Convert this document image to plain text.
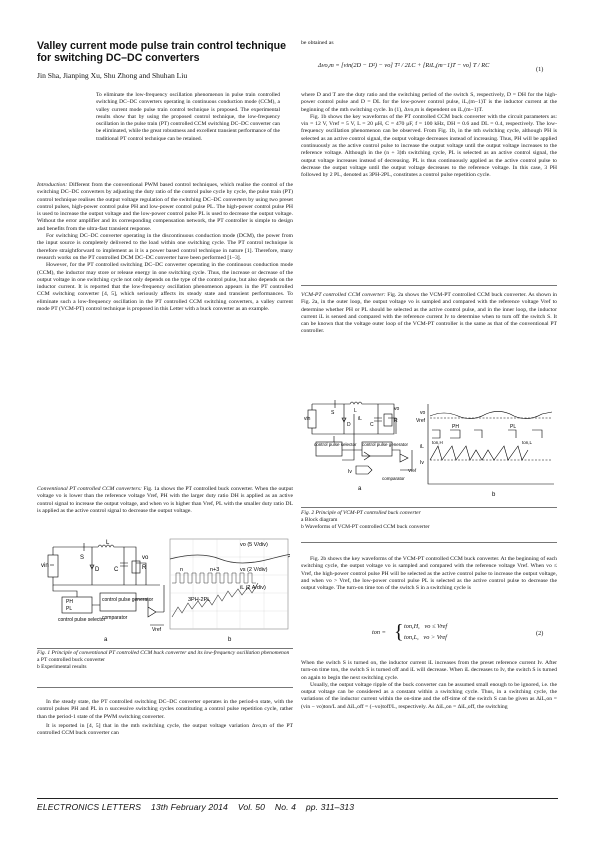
Valley current mode pulse train control technique for switching DC–DC converters
Jin Sha, Jianping Xu, Shu Zhong and Shuhan Liu
To eliminate the low-frequency oscillation phenomenon in pulse train controlled switching DC–DC converters operating in continuous conduction mode (CCM), a valley current mode pulse train control technique is proposed. The experimental results show that by using the proposed control technique, the low-frequency oscillation in the pulse train (PT) controlled CCM switching DC–DC converter can be eliminated, while the great robustness and excellent transient performance of the traditional PT control technique can be retained.

Introduction: Different from the conventional PWM based control techniques, which realise the control of the switching DC–DC converters by adjusting the duty ratio of the control pulse cycle by cycle, the pulse train (PT) control technique realises the output voltage regulation of the switching DC–DC converters by using two preset control pulses, high-power control pulse PH and low-power control pulse PL. The high-power control pulse PH is used to increase the output voltage and the low-power control pulse PL is used to decrease the output voltage. Without the error amplifier and its corresponding compensation network, the PT controller is simple to design and benefits from the ultra-fast transient response.

For switching DC–DC converter operating in the discontinuous conduction mode (DCM), the power from the input source is completely delivered to the load within one switching cycle. The PT control technique is therefore straightforward to implement as it is a power based control technique in nature [1]. Therefore, many research works on the PT controlled DCM DC–DC converter have been performed [1–3].

However, for the PT controlled switching DC–DC converter operating in the continuous conduction mode (CCM), the inductor may store or release energy in one switching cycle. Thus, the increase or decrease of the output voltage in one switching cycle not only depends on the type of the control pulse, but also depends on the inductor current. It is reported that the low-frequency oscillation phenomenon appears in the PT controlled CCM switching converter [4, 5], which seriously affects its steady state and transient performances. To eliminate such a low-frequency oscillation in the PT controlled CCM switching converters, a valley current mode PT (VCM-PT) control technique is proposed in this Letter with a buck converter as an example.

Conventional PT controlled CCM converters: Fig. 1a shows the PT controlled buck converter. When the output voltage vo is lower than the reference voltage Vref, PH with the larger duty ratio DH is applied as an active control signal to increase the output voltage, and when vo is higher than Vref, PL with the smaller duty ratio DL is applied as the active control signal to decrease the output voltage.

vin
S
L
D C	R
vo
PH
PL
control pulse generator
control pulse selector
comparator
Vref
a
vo (5 V/div)
vs (2 V/div)
iL (2 A/div)
n	n+3
3PH-2PL
b
Fig. 1 Principle of conventional PT controlled CCM buck converter and its low-frequency oscillation phenomenon
a PT controlled buck converter
b Experimental results

In the steady state, the PT controlled switching DC–DC converter operates in the period-n state, with the control pulses PH and PL in n successive switching cycles constituting a control pulse repetition cycle, rather than the period-1 state of the PWM switching converter.

It is reported in [4, 5] that in the mth switching cycle, the output voltage variation Δvo,m of the PT controlled CCM buck converter can

be obtained as

Δvo,m = [vin(2D − D²) − vo] T² / 2LC + [RiL,(m−1)T − vo] T / RC
(1)

where D and T are the duty ratio and the switching period of the switch S, respectively, D = DH for the high-power control pulse and D = DL for the low-power control pulse, iL,(m−1)T is the inductor current at the beginning of the mth switching cycle. In (1), Δvo,m is dependent on iL,(m−1)T.

Fig. 1b shows the key waveforms of the PT controlled CCM buck converter with the circuit parameters as: vin = 12 V, Vref = 5 V, L = 20 μH, C = 470 μF, f = 100 kHz, DH = 0.6 and DL = 0.4, respectively. The low-frequency oscillation phenomenon can be observed. From Fig. 1b, in the nth switching cycle, although PH is selected as an active control signal, the output voltage decreases instead of increasing. Thus, PH will be applied continuously as the active control pulse to increase the output voltage until the output voltage increases to the reference voltage. Although in the (n + 3)th switching cycle, PL is selected as an active control signal, the output voltage increases instead of decreasing. PL is thus continuously applied as the active control pulse to decrease the output voltage until the output voltage decreases to the reference voltage. In this case, 3 PH followed by 2 PL, denoted as 3PH-2PL, constitutes a control pulse repetition cycle.

VCM-PT controlled CCM converter: Fig. 2a shows the VCM-PT controlled CCM buck converter. As shown in Fig. 2a, in the outer loop, the output voltage vo is sampled and compared with the reference voltage Vref to determine whether PH or PL should be selected as the active control pulse, and in the inner loop, the inductor current iL is sensed and compared with the reference current Iv to determine when to turn off the switch S. It can be known that the voltage outer loop of the VCM-PT controller is the same as that of the conventional PT controller.

vin
S	L
D	C
R
vo
iL
Iv
control pulse selector control pulse generator
comparator
Vref
a
vo
Vref
iL
Iv
PH	PL
ton,H	ton,L
b
Fig. 2 Principle of VCM-PT controlled buck converter
a Block diagram
b Waveforms of VCM-PT controlled CCM buck converter

Fig. 2b shows the key waveforms of the VCM-PT controlled CCM buck converter. At the beginning of each switching cycle, the output voltage vo is sampled and compared with the reference voltage Vref. When vo ≤ Vref, the high-power control pulse PH will be selected as the active control pulse to increase the output voltage, and when vo > Vref, the low-power control pulse PL is selected as the active control pulse to decrease the output voltage. The turn-on time ton of the switch S in a switching cycle is

ton = { ton,H,   vo ≤ Vref
ton,L,   vo > Vref
(2)

When the switch S is turned on, the inductor current iL increases from the preset reference current Iv. After turn-on time ton, the switch S is turned off and iL will decrease. When iL decreases to Iv, the switch S is turned on again to begin the next switching cycle.

Usually, the output voltage ripple of the buck converter can be assumed small enough to be ignored, i.e. the output voltage can be considered as a constant within a switching cycle. Thus, in a switching cycle, the variations of the inductor current within the on-time and the off-time of the switch S can be given as ΔiL,on = (vin − vo)ton/L and ΔiL,off = (−vo)toff/L, respectively. As ΔiL,on = ΔiL,off, the switching

ELECTRONICS LETTERS 13th February 2014 Vol. 50 No. 4 pp. 311–313
